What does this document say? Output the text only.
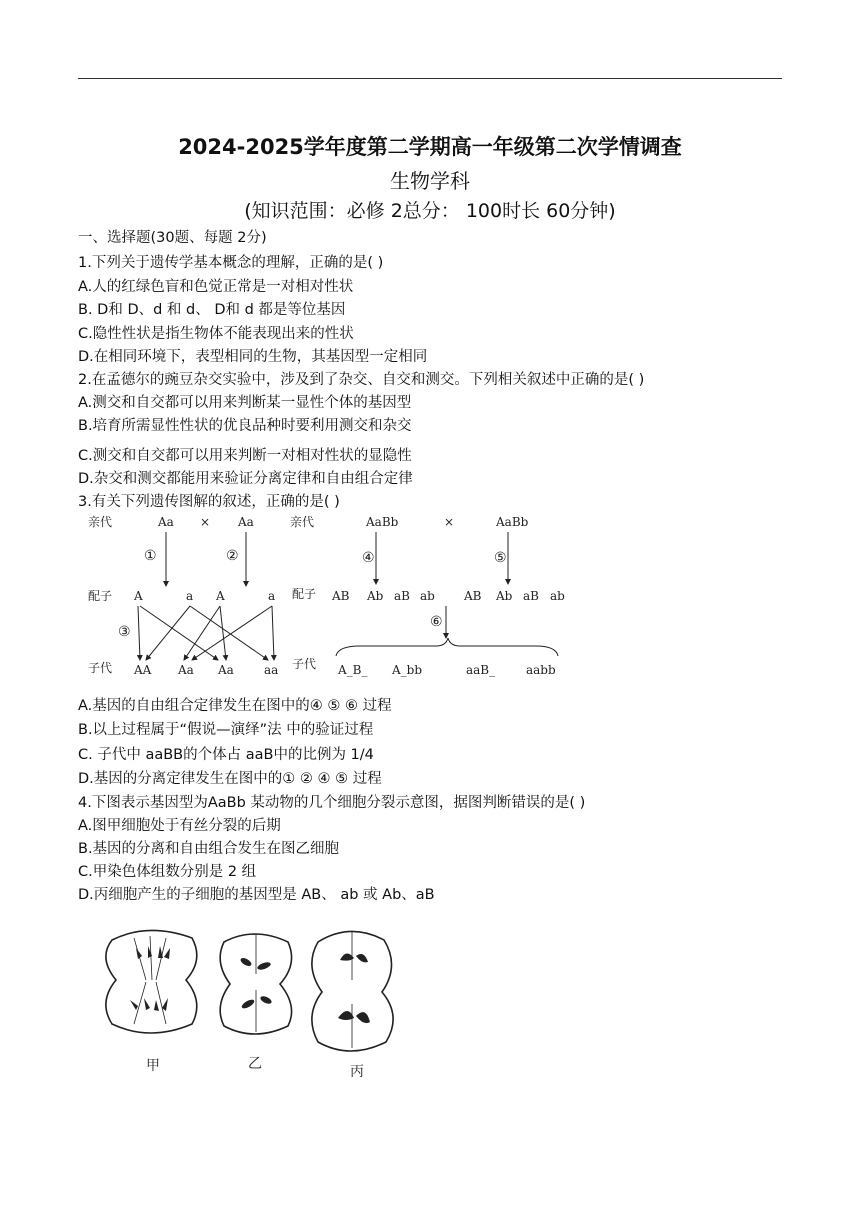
2024-2025学年度第二学期高一年级第二次学情调查
生物学科
(知识范围：必修 2总分： 100时长 60分钟)
一、选择题(30题、每题 2分)
1.下列关于遗传学基本概念的理解，正确的是( )
A.人的红绿色盲和色觉正常是一对相对性状
B. D和 D、d 和 d、 D和 d 都是等位基因
C.隐性性状是指生物体不能表现出来的性状
D.在相同环境下，表型相同的生物，其基因型一定相同
2.在孟德尔的豌豆杂交实验中，涉及到了杂交、自交和测交。下列相关叙述中正确的是( )
A.测交和自交都可以用来判断某一显性个体的基因型
B.培育所需显性性状的优良品种时要利用测交和杂交
C.测交和自交都可以用来判断一对相对性状的显隐性
D.杂交和测交都能用来验证分离定律和自由组合定律
3.有关下列遗传图解的叙述，正确的是( )
亲代	Aa × Aa
①	②
配子 A	a A	a
③
子代 AA Aa Aa	aa
亲代	AaBb	×	AaBb
④	⑤
配子 AB Ab aB ab AB Ab aB ab
⑥
子代 A_B_ A_bb	aaB_	aabb
A.基因的自由组合定律发生在图中的④ ⑤ ⑥ 过程
B.以上过程属于“假说—演绎”法 中的验证过程
C. 子代中 aaBB的个体占 aaB中的比例为 1/4
D.基因的分离定律发生在图中的① ② ④ ⑤ 过程
4.下图表示基因型为AaBb 某动物的几个细胞分裂示意图，据图判断错误的是( )
A.图甲细胞处于有丝分裂的后期
B.基因的分离和自由组合发生在图乙细胞
C.甲染色体组数分别是 2 组
D.丙细胞产生的子细胞的基因型是 AB、 ab 或 Ab、aB
甲	乙	丙
